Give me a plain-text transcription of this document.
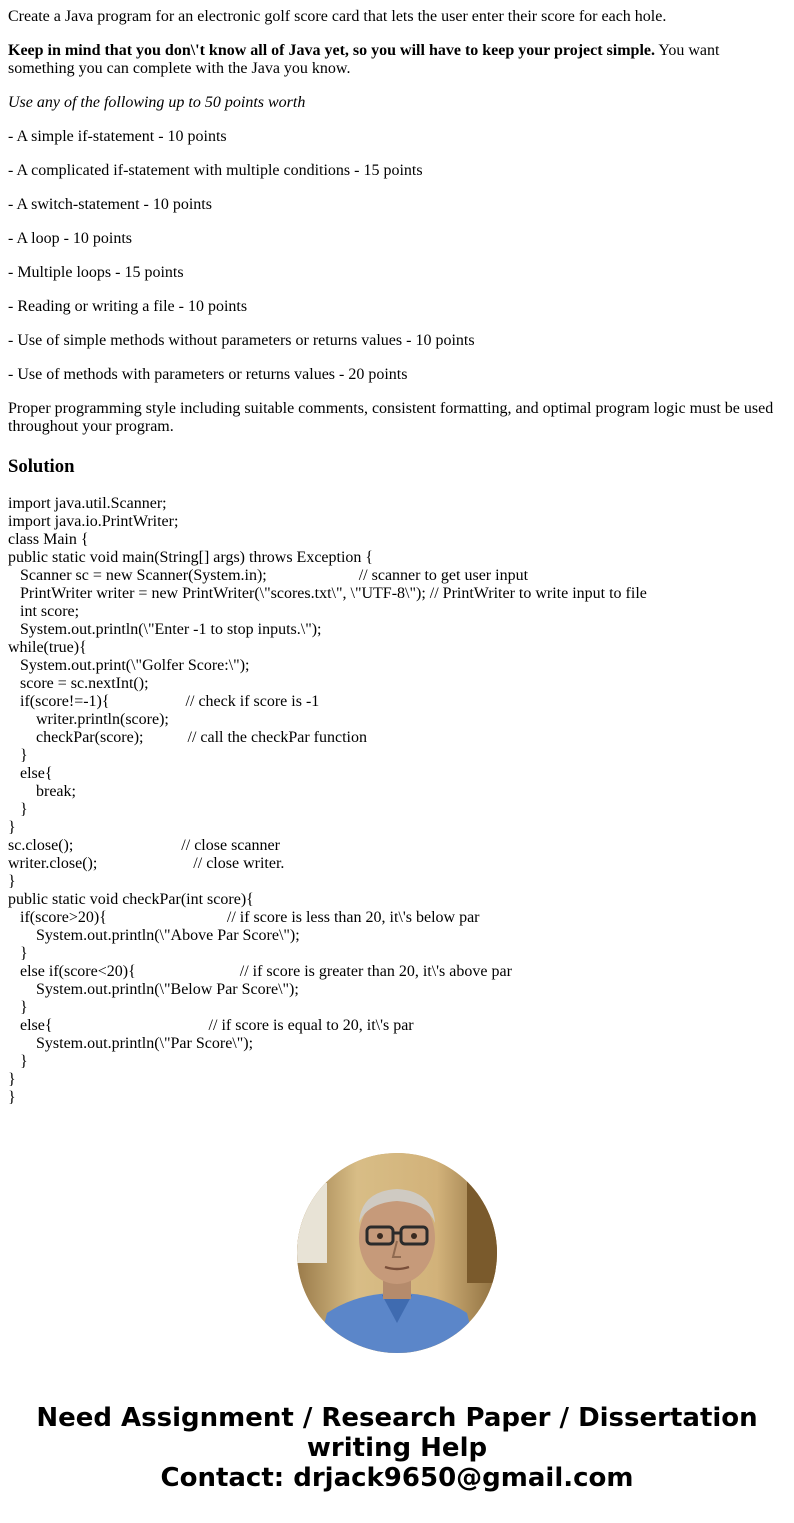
Create a Java program for an electronic golf score card that lets the user enter their score for each hole.

Keep in mind that you don\'t know all of Java yet, so you will have to keep your project simple. You want something you can complete with the Java you know.

Use any of the following up to 50 points worth

- A simple if-statement - 10 points

- A complicated if-statement with multiple conditions - 15 points

- A switch-statement - 10 points

- A loop - 10 points

- Multiple loops - 15 points

- Reading or writing a file - 10 points

- Use of simple methods without parameters or returns values - 10 points

- Use of methods with parameters or returns values - 20 points

Proper programming style including suitable comments, consistent formatting, and optimal program logic must be used throughout your program.

Solution
import java.util.Scanner;
import java.io.PrintWriter;
class Main {
public static void main(String[] args) throws Exception {
Scanner sc = new Scanner(System.in);                       // scanner to get user input
PrintWriter writer = new PrintWriter(\"scores.txt\", \"UTF-8\"); // PrintWriter to write input to file
int score;
System.out.println(\"Enter -1 to stop inputs.\");
while(true){
System.out.print(\"Golfer Score:\");
score = sc.nextInt();
if(score!=-1){                   // check if score is -1
writer.println(score);
checkPar(score);           // call the checkPar function
}
else{
break;
}
}
sc.close();                           // close scanner
writer.close();                        // close writer.
}
public static void checkPar(int score){
if(score>20){                              // if score is less than 20, it\'s below par
System.out.println(\"Above Par Score\");
}
else if(score<20){                          // if score is greater than 20, it\'s above par
System.out.println(\"Below Par Score\");
}
else{                                       // if score is equal to 20, it\'s par
System.out.println(\"Par Score\");
}
}
}
Need Assignment / Research Paper / Dissertation
writing Help
Contact: drjack9650@gmail.com
